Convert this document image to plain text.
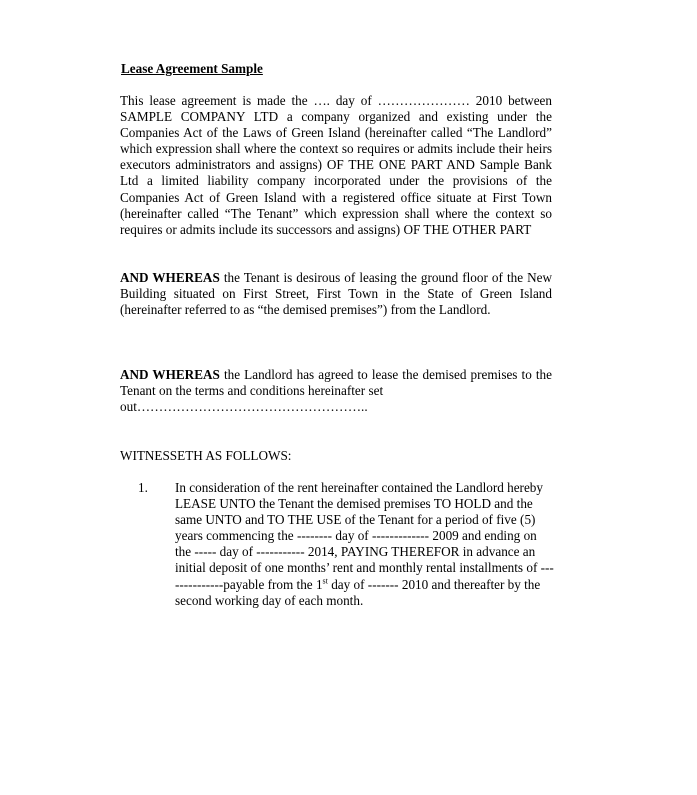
Lease Agreement Sample

This lease agreement is made the …. day of ………………… 2010 between SAMPLE COMPANY LTD a company organized and existing under the Companies Act of the Laws of Green Island (hereinafter called “The Landlord” which expression shall where the context so requires or admits include their heirs executors administrators and assigns) OF THE ONE PART AND Sample Bank Ltd a limited liability company incorporated under the provisions of the Companies Act of Green Island with a registered office situate at First Town (hereinafter called “The Tenant” which expression shall where the context so requires or admits include its successors and assigns) OF THE OTHER PART

AND WHEREAS the Tenant is desirous of leasing the ground floor of the New Building situated on First Street, First Town in the State of Green Island (hereinafter referred to as “the demised premises”) from the Landlord.

AND WHEREAS the Landlord has agreed to lease the demised premises to the Tenant on the terms and conditions hereinafter set
out……………………………………………..

WITNESSETH AS FOLLOWS:

1. In consideration of the rent hereinafter contained the Landlord hereby LEASE UNTO the Tenant the demised premises TO HOLD and the same UNTO and TO THE USE of the Tenant for a period of five (5) years commencing the -------- day of ------------- 2009 and ending on the ----- day of ----------- 2014, PAYING THEREFOR in advance an initial deposit of one months’ rent and monthly rental installments of --------------payable from the 1st day of ------- 2010 and thereafter by the second working day of each month.
